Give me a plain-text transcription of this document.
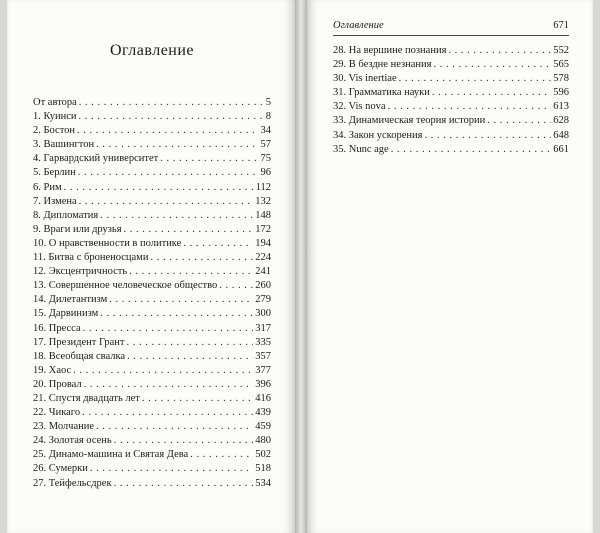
Оглавление
От автора . . .	5
1. Куинси . . .	8
2. Бостон . . .	34
3. Вашингтон . . .	57
4. Гарвардский университет . . .	75
5. Берлин . . .	96
6. Рим . . .	112
7. Измена . . .	132
8. Дипломатия . . .	148
9. Враги или друзья . . .	172
10. О нравственности в политике . . .	194
11. Битва с броненосцами . . .	224
12. Эксцентричность . . .	241
13. Совершенное человеческое общество . . .	260
14. Дилетантизм . . .	279
15. Дарвинизм . . .	300
16. Пресса . . .	317
17. Президент Грант . . .	335
18. Всеобщая свалка . . .	357
19. Хаос . . .	377
20. Провал . . .	396
21. Спустя двадцать лет . . .	416
22. Чикаго . . .	439
23. Молчание . . .	459
24. Золотая осень . . .	480
25. Динамо-машина и Святая Дева . . .	502
26. Сумерки . . .	518
27. Тейфельсдрек . . .	534
Оглавление	671
28. На вершине познания . . .	552
29. В бездне незнания . . .	565
30. Vis inertiae . . .	578
31. Грамматика науки . . .	596
32. Vis nova . . .	613
33. Динамическая теория истории . . .	628
34. Закон ускорения . . .	648
35. Nunc age . . .	661
